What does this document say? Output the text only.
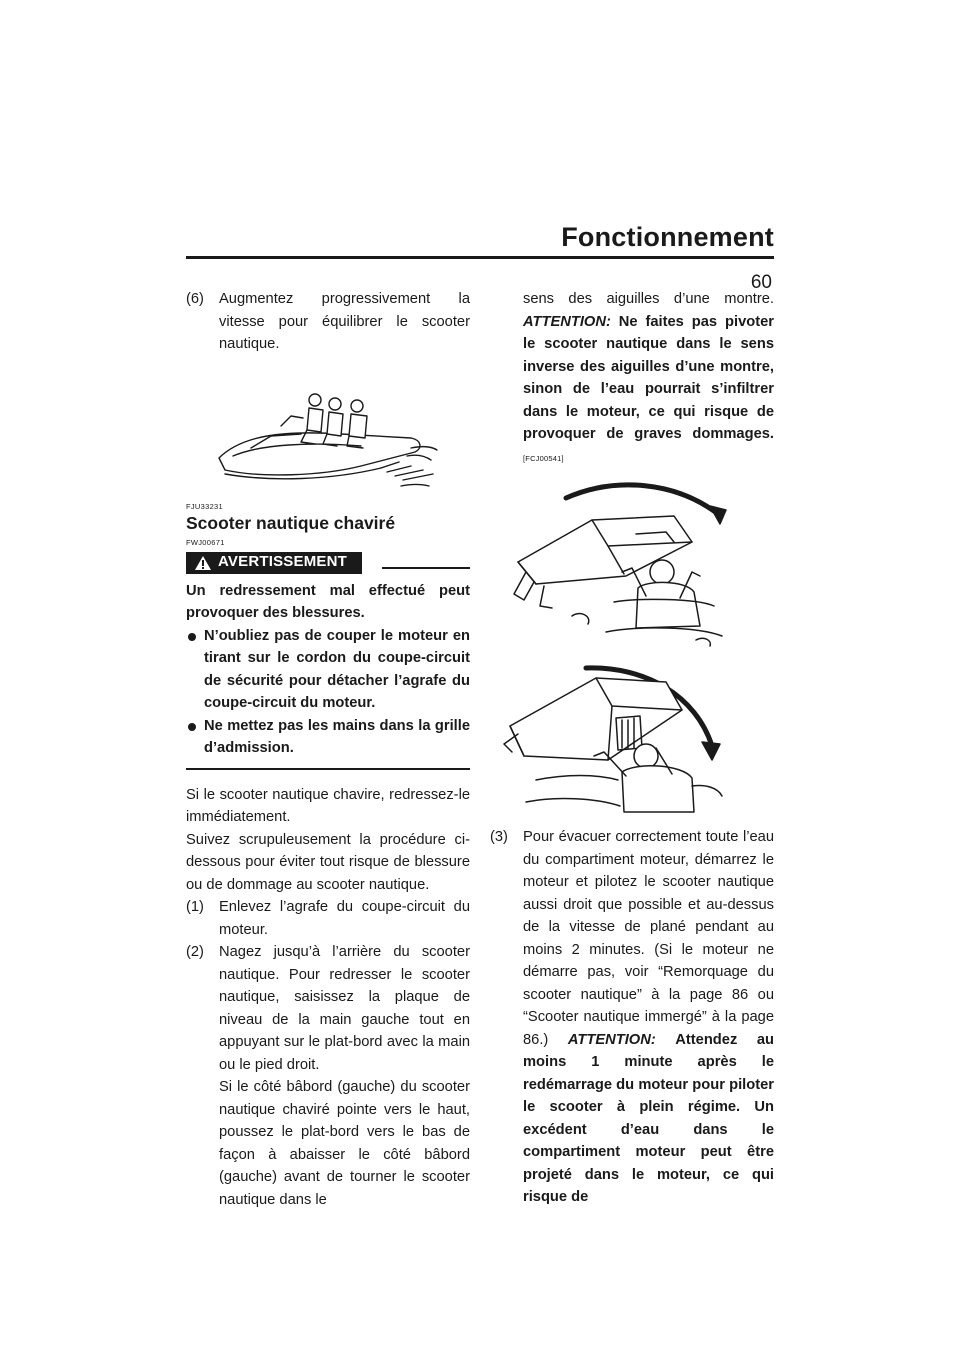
Fonctionnement
60
(6) Augmentez progressivement la vitesse pour équilibrer le scooter nautique.
FJU33231
Scooter nautique chaviré
FWJ00671
AVERTISSEMENT

Un redressement mal effectué peut provoquer des blessures.

N’oubliez pas de couper le moteur en tirant sur le cordon du coupe-circuit de sécurité pour détacher l’agrafe du coupe-circuit du moteur.
Ne mettez pas les mains dans la grille d’admission.

Si le scooter nautique chavire, redressez-le immédiatement.

Suivez scrupuleusement la procédure ci-dessous pour éviter tout risque de blessure ou de dommage au scooter nautique.

(1) Enlevez l’agrafe du coupe-circuit du moteur.
(2) Nagez jusqu’à l’arrière du scooter nautique. Pour redresser le scooter nautique, saisissez la plaque de niveau de la main gauche tout en appuyant sur le plat-bord avec la main ou le pied droit.

Si le côté bâbord (gauche) du scooter nautique chaviré pointe vers le haut, poussez le plat-bord vers le bas de façon à abaisser le côté bâbord (gauche) avant de tourner le scooter nautique dans le

sens des aiguilles d’une montre. ATTENTION: Ne faites pas pivoter le scooter nautique dans le sens inverse des aiguilles d’une montre, sinon de l’eau pourrait s’infiltrer dans le moteur, ce qui risque de provoquer de graves dommages. [FCJ00541]

(3) Pour évacuer correctement toute l’eau du compartiment moteur, démarrez le moteur et pilotez le scooter nautique aussi droit que possible et au-dessus de la vitesse de plané pendant au moins 2 minutes. (Si le moteur ne démarre pas, voir “Remorquage du scooter nautique” à la page 86 ou “Scooter nautique immergé” à la page 86.) ATTENTION: Attendez au moins 1 minute après le redémarrage du moteur pour piloter le scooter à plein régime. Un excédent d’eau dans le compartiment moteur peut être projeté dans le moteur, ce qui risque de
